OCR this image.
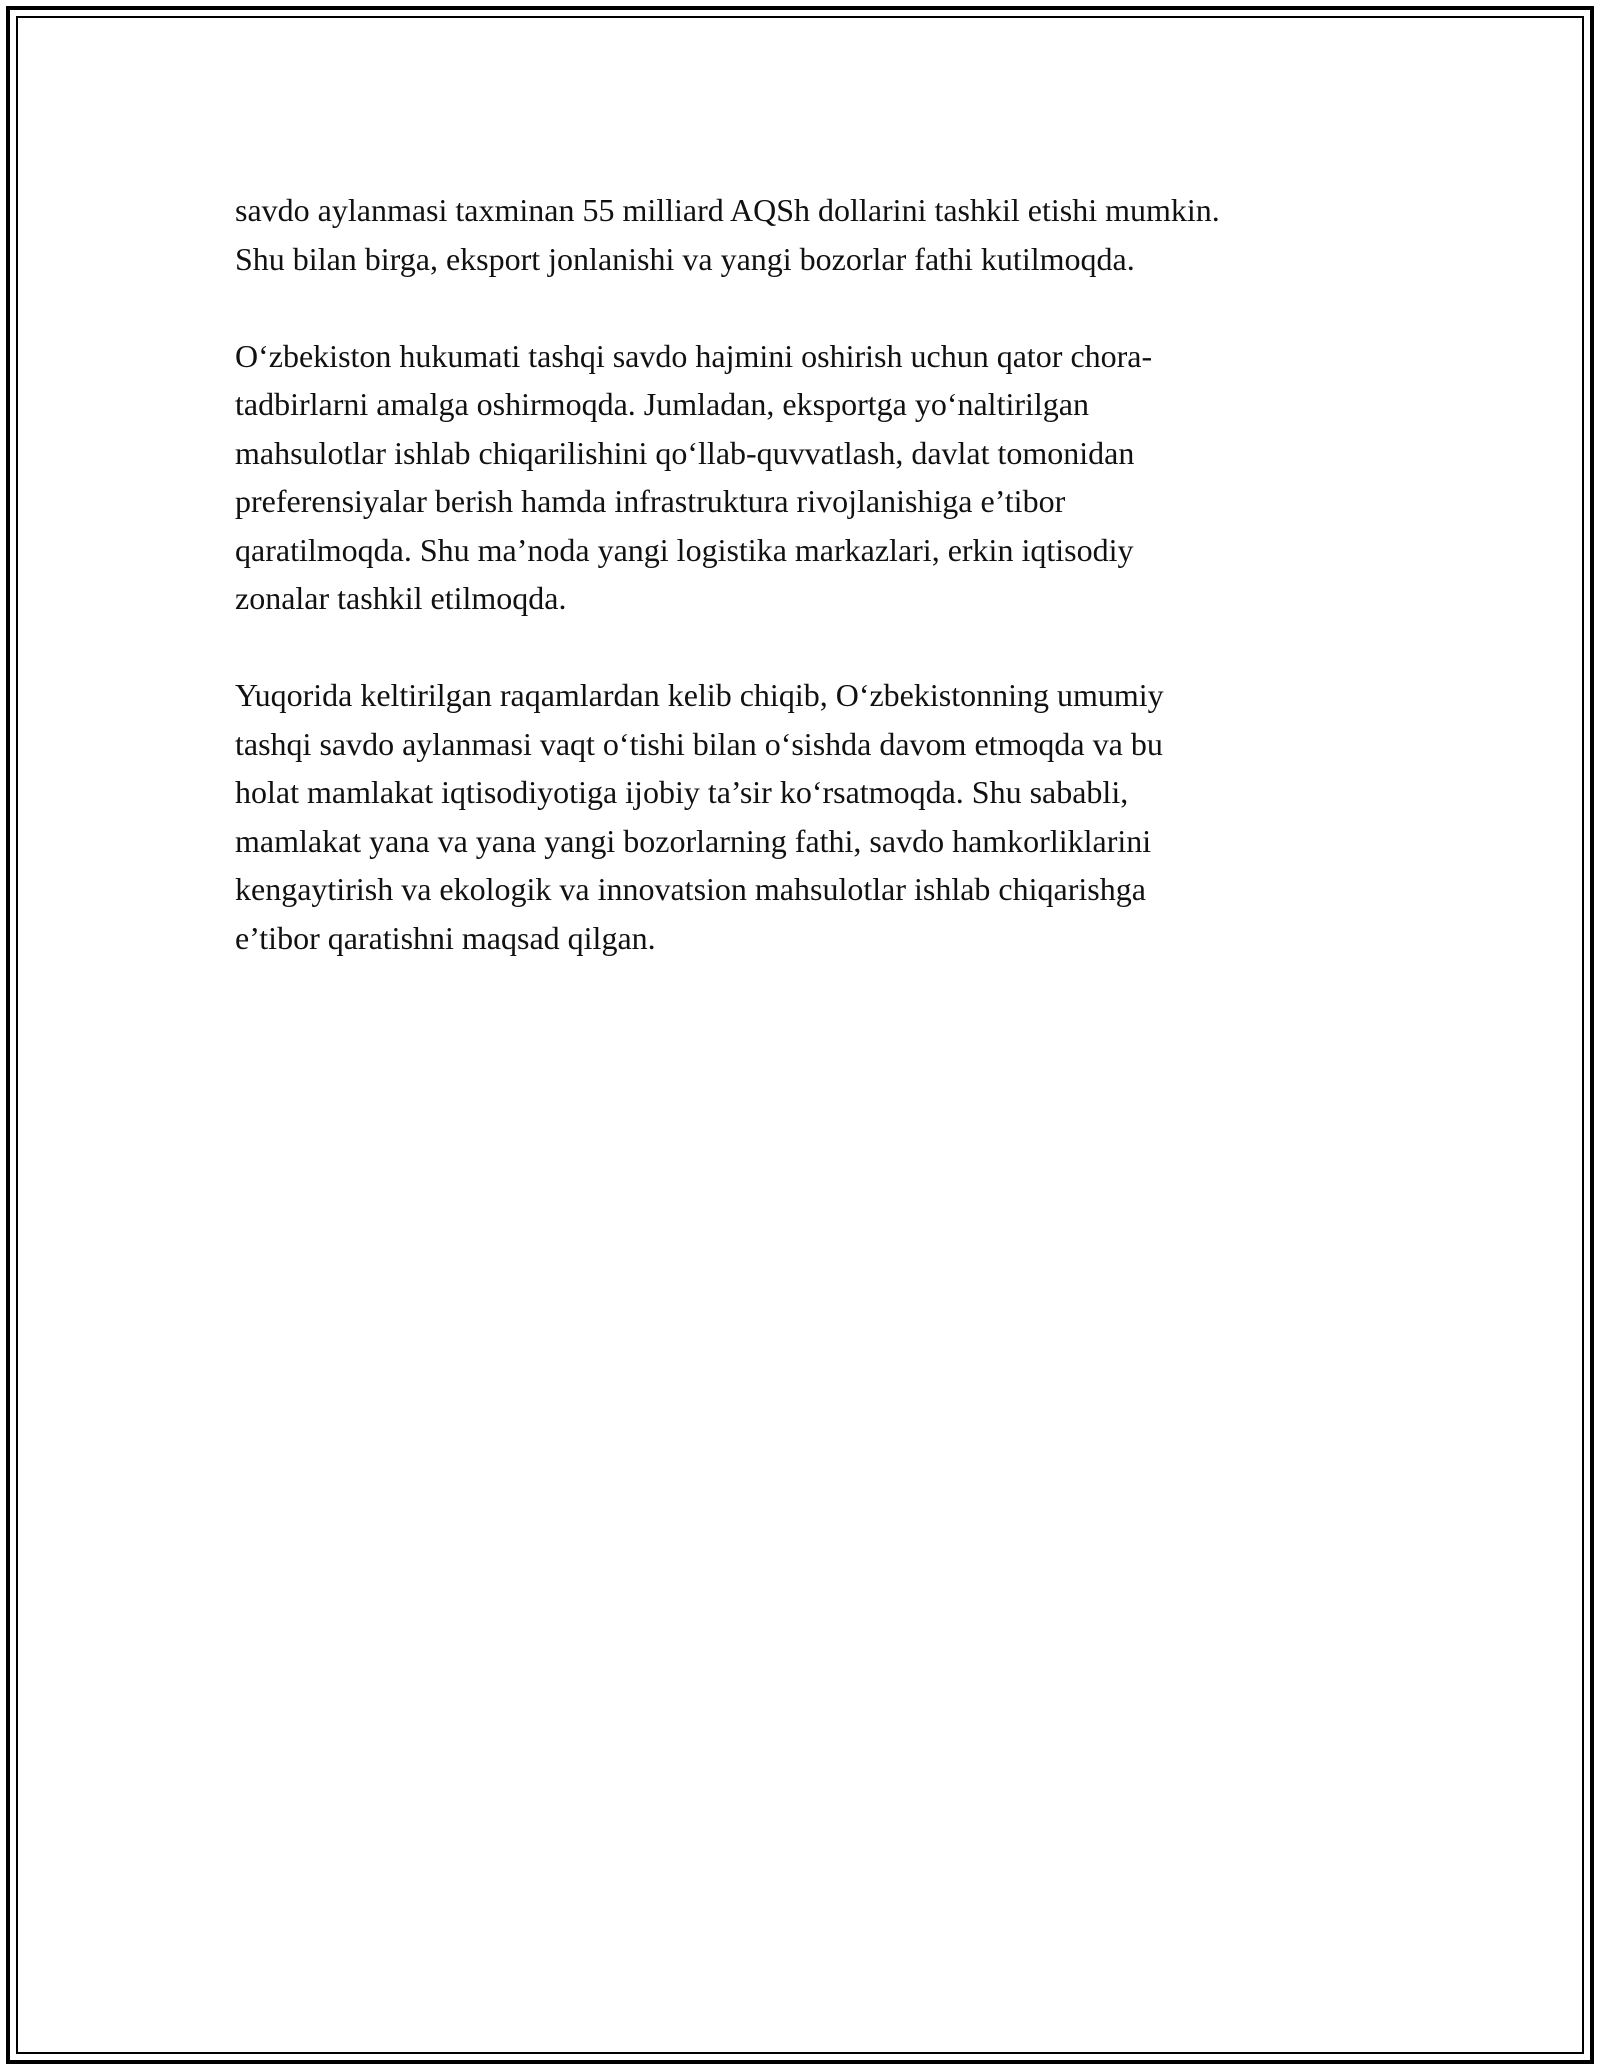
savdo aylanmasi taxminan 55 milliard AQSh dollarini tashkil etishi mumkin.
Shu bilan birga, eksport jonlanishi va yangi bozorlar fathi kutilmoqda.

O‘zbekiston hukumati tashqi savdo hajmini oshirish uchun qator chora-
tadbirlarni amalga oshirmoqda. Jumladan, eksportga yo‘naltirilgan
mahsulotlar ishlab chiqarilishini qo‘llab-quvvatlash, davlat tomonidan
preferensiyalar berish hamda infrastruktura rivojlanishiga e’tibor
qaratilmoqda. Shu ma’noda yangi logistika markazlari, erkin iqtisodiy
zonalar tashkil etilmoqda.

Yuqorida keltirilgan raqamlardan kelib chiqib, O‘zbekistonning umumiy
tashqi savdo aylanmasi vaqt o‘tishi bilan o‘sishda davom etmoqda va bu
holat mamlakat iqtisodiyotiga ijobiy ta’sir ko‘rsatmoqda. Shu sababli,
mamlakat yana va yana yangi bozorlarning fathi, savdo hamkorliklarini
kengaytirish va ekologik va innovatsion mahsulotlar ishlab chiqarishga
e’tibor qaratishni maqsad qilgan.
